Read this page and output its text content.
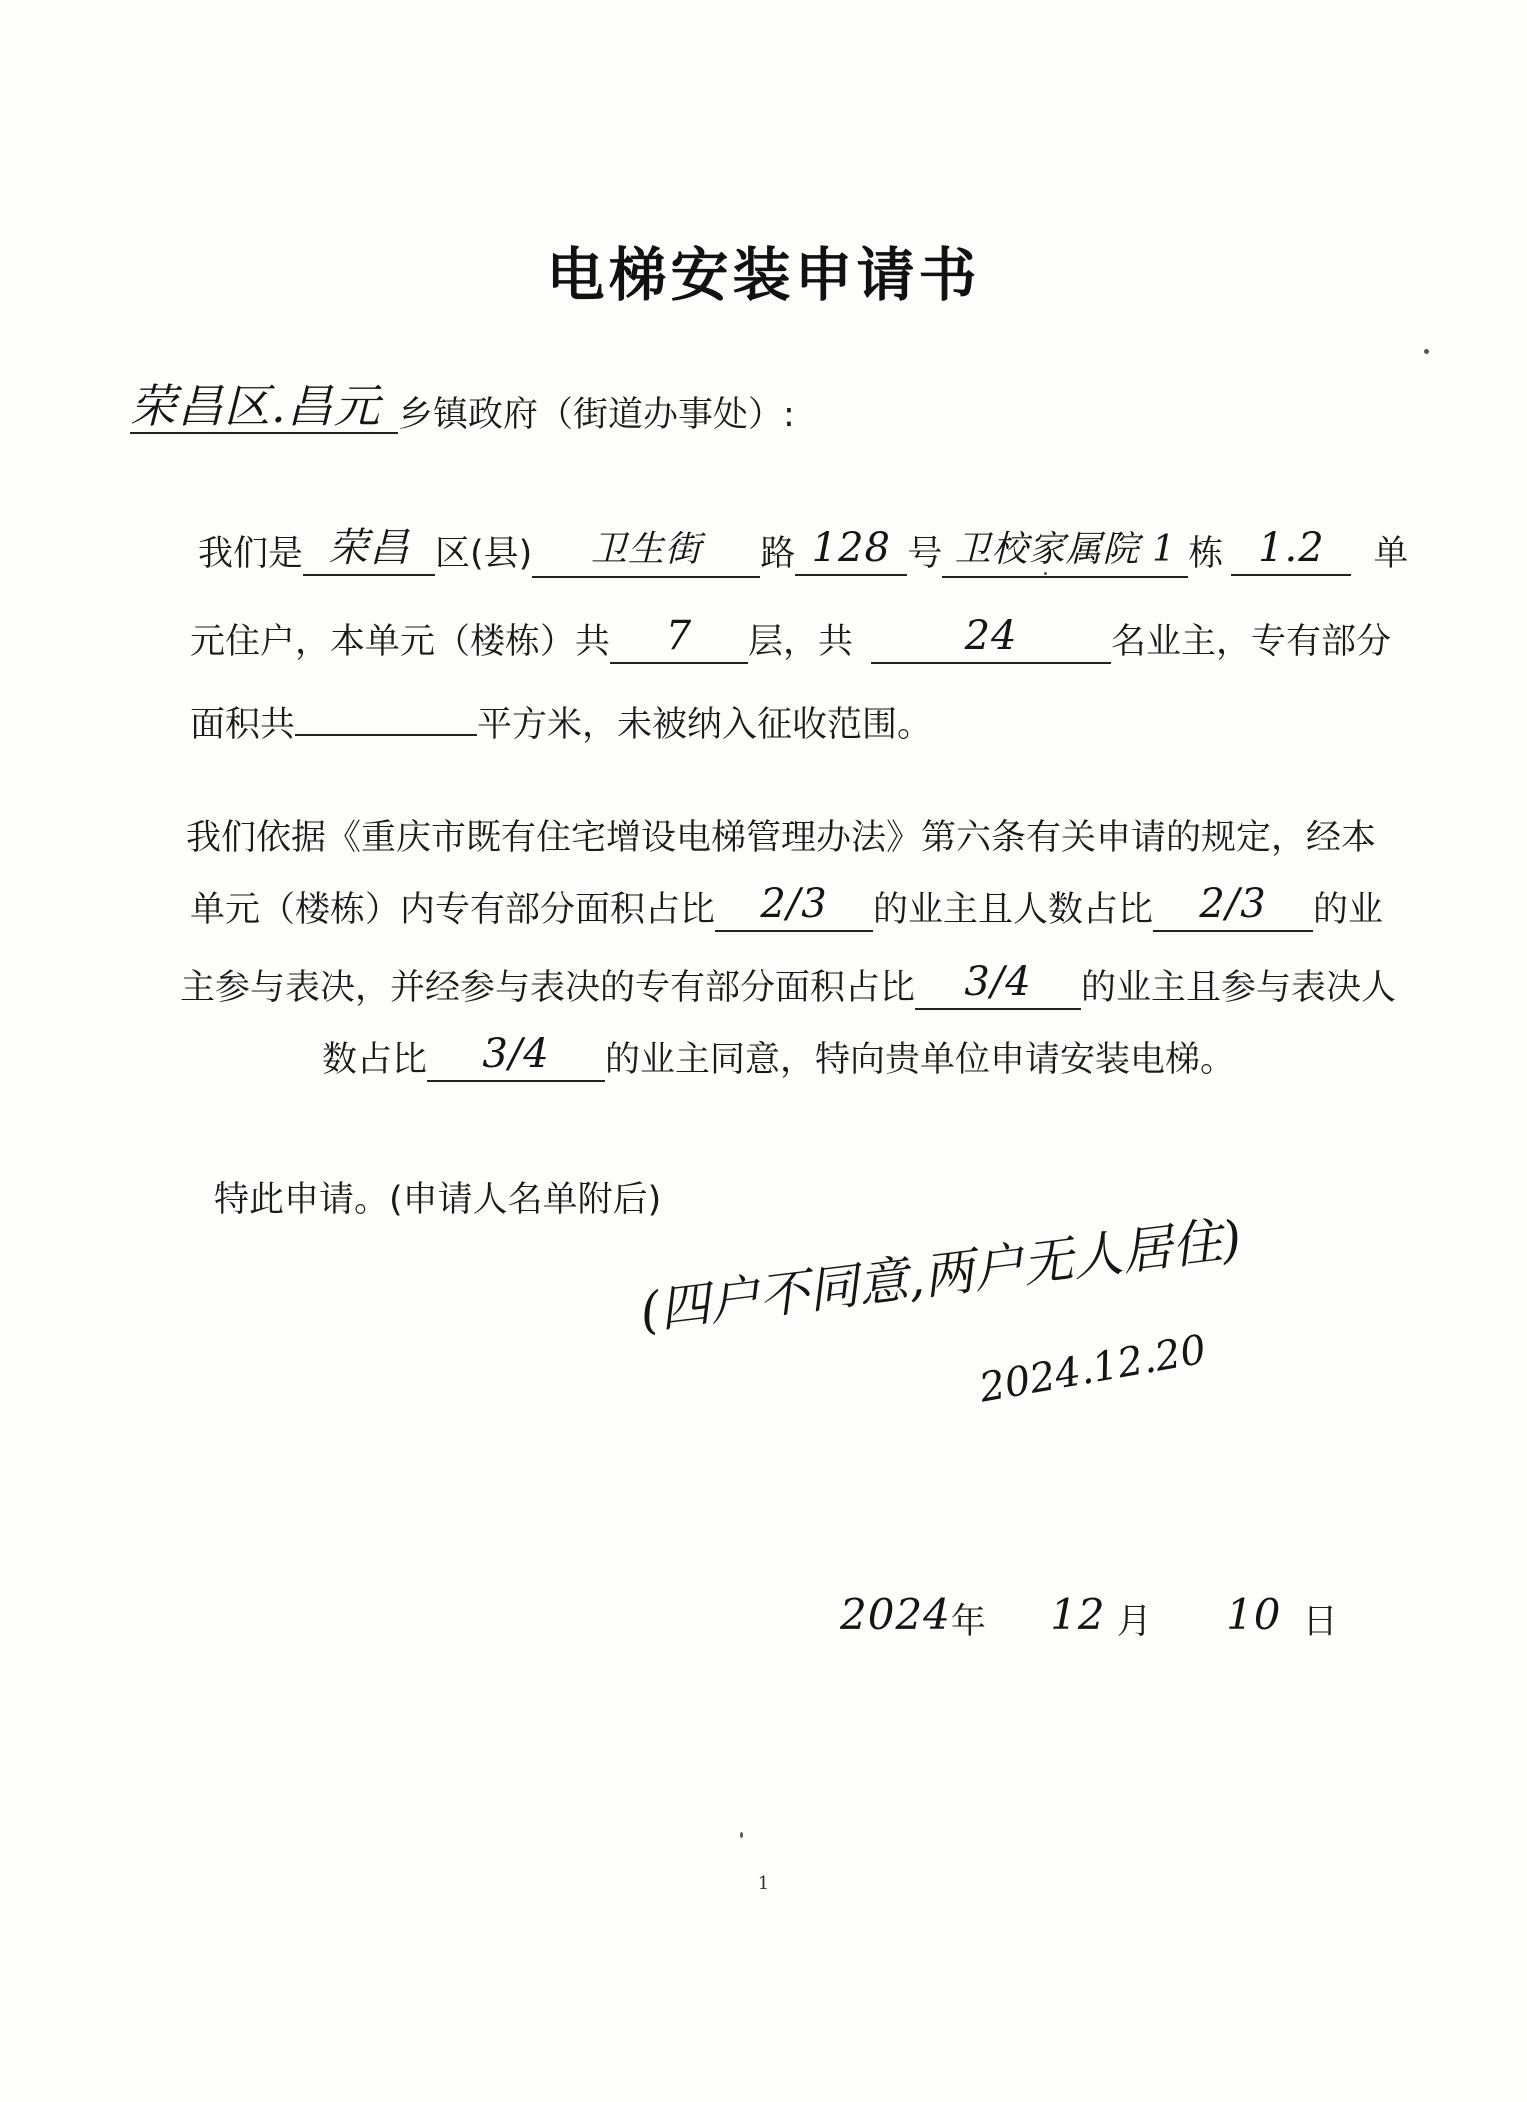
电梯安装申请书
荣昌区.昌元 乡镇政府（街道办事处）:
我们是 荣昌 区(县) 卫生街 路 128 号 卫校家属院 1 栋 1.2 单
元住户，本单元（楼栋）共 7 层，共	24	名业主，专有部分
面积共	平方米，未被纳入征收范围。
我们依据《重庆市既有住宅增设电梯管理办法》第六条有关申请的规定，经本
单元（楼栋）内专有部分面积占比 2/3 的业主且人数占比 2/3 的业
主参与表决，并经参与表决的专有部分面积占比 3/4 的业主且参与表决人
数占比 3/4 的业主同意，特向贵单位申请安装电梯。
特此申请。(申请人名单附后)
(四户不同意,两户无人居住)
2024.12.20
2024年 12 月 10 日
1
